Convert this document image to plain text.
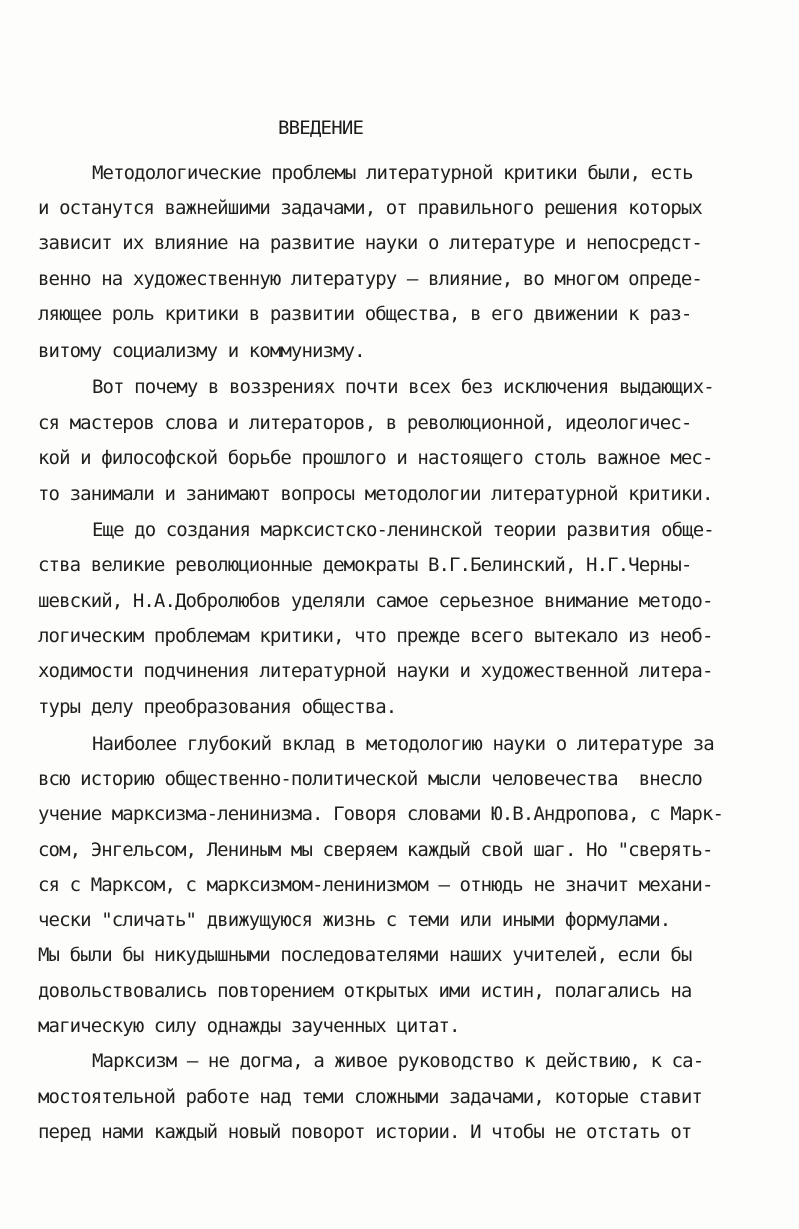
ВВЕДЕНИЕ
Методологические проблемы литературной критики были, есть
и останутся важнейшими задачами, от правильного решения которых
зависит их влияние на развитие науки о литературе и непосредст-
венно на художественную литературу – влияние, во многом опреде-
ляющее роль критики в развитии общества, в его движении к раз-
витому социализму и коммунизму.
Вот почему в воззрениях почти всех без исключения выдающих-
ся мастеров слова и литераторов, в революционной, идеологичес-
кой и философской борьбе прошлого и настоящего столь важное мес-
то занимали и занимают вопросы методологии литературной критики.
Еще до создания марксистско-ленинской теории развития обще-
ства великие революционные демократы В.Г.Белинский, Н.Г.Черны-
шевский, Н.А.Добролюбов уделяли самое серьезное внимание методо-
логическим проблемам критики, что прежде всего вытекало из необ-
ходимости подчинения литературной науки и художественной литера-
туры делу преобразования общества.
Наиболее глубокий вклад в методологию науки о литературе за
всю историю общественно-политической мысли человечества  внесло
учение марксизма-ленинизма. Говоря словами Ю.В.Андропова, с Марк-
сом, Энгельсом, Лениным мы сверяем каждый свой шаг. Но "сверять-
ся с Марксом, с марксизмом-ленинизмом – отнюдь не значит механи-
чески "сличать" движущуюся жизнь с теми или иными формулами.
Мы были бы никудышными последователями наших учителей, если бы
довольствовались повторением открытых ими истин, полагались на
магическую силу однажды заученных цитат.
Марксизм – не догма, а живое руководство к действию, к са-
мостоятельной работе над теми сложными задачами, которые ставит
перед нами каждый новый поворот истории. И чтобы не отстать от
